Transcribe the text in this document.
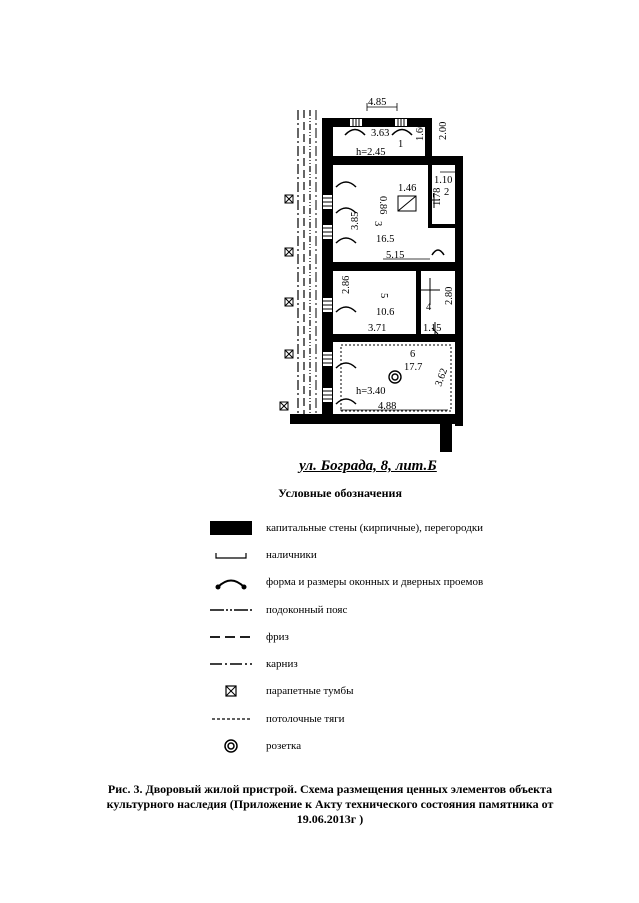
4.85
3.63 1.66 2.00
h=2.45
1.46
0.86
1.10
1.78
3.85
5.15
2.86
2.80
3.71	1.15
3.62
h=3.40
4.88
1
2
3
16.5
4
5
10.6
6
17.7
ул. Бограда, 8, лит.Б
Условные обозначения
капитальные стены (кирпичные), перегородки
наличники
форма и размеры оконных и дверных проемов
подоконный пояс
фриз
карниз
парапетные тумбы
потолочные тяги
розетка
Рис. 3. Дворовый жилой пристрой. Схема размещения ценных элементов объекта
культурного наследия (Приложение к Акту технического состояния памятника от
19.06.2013г )
